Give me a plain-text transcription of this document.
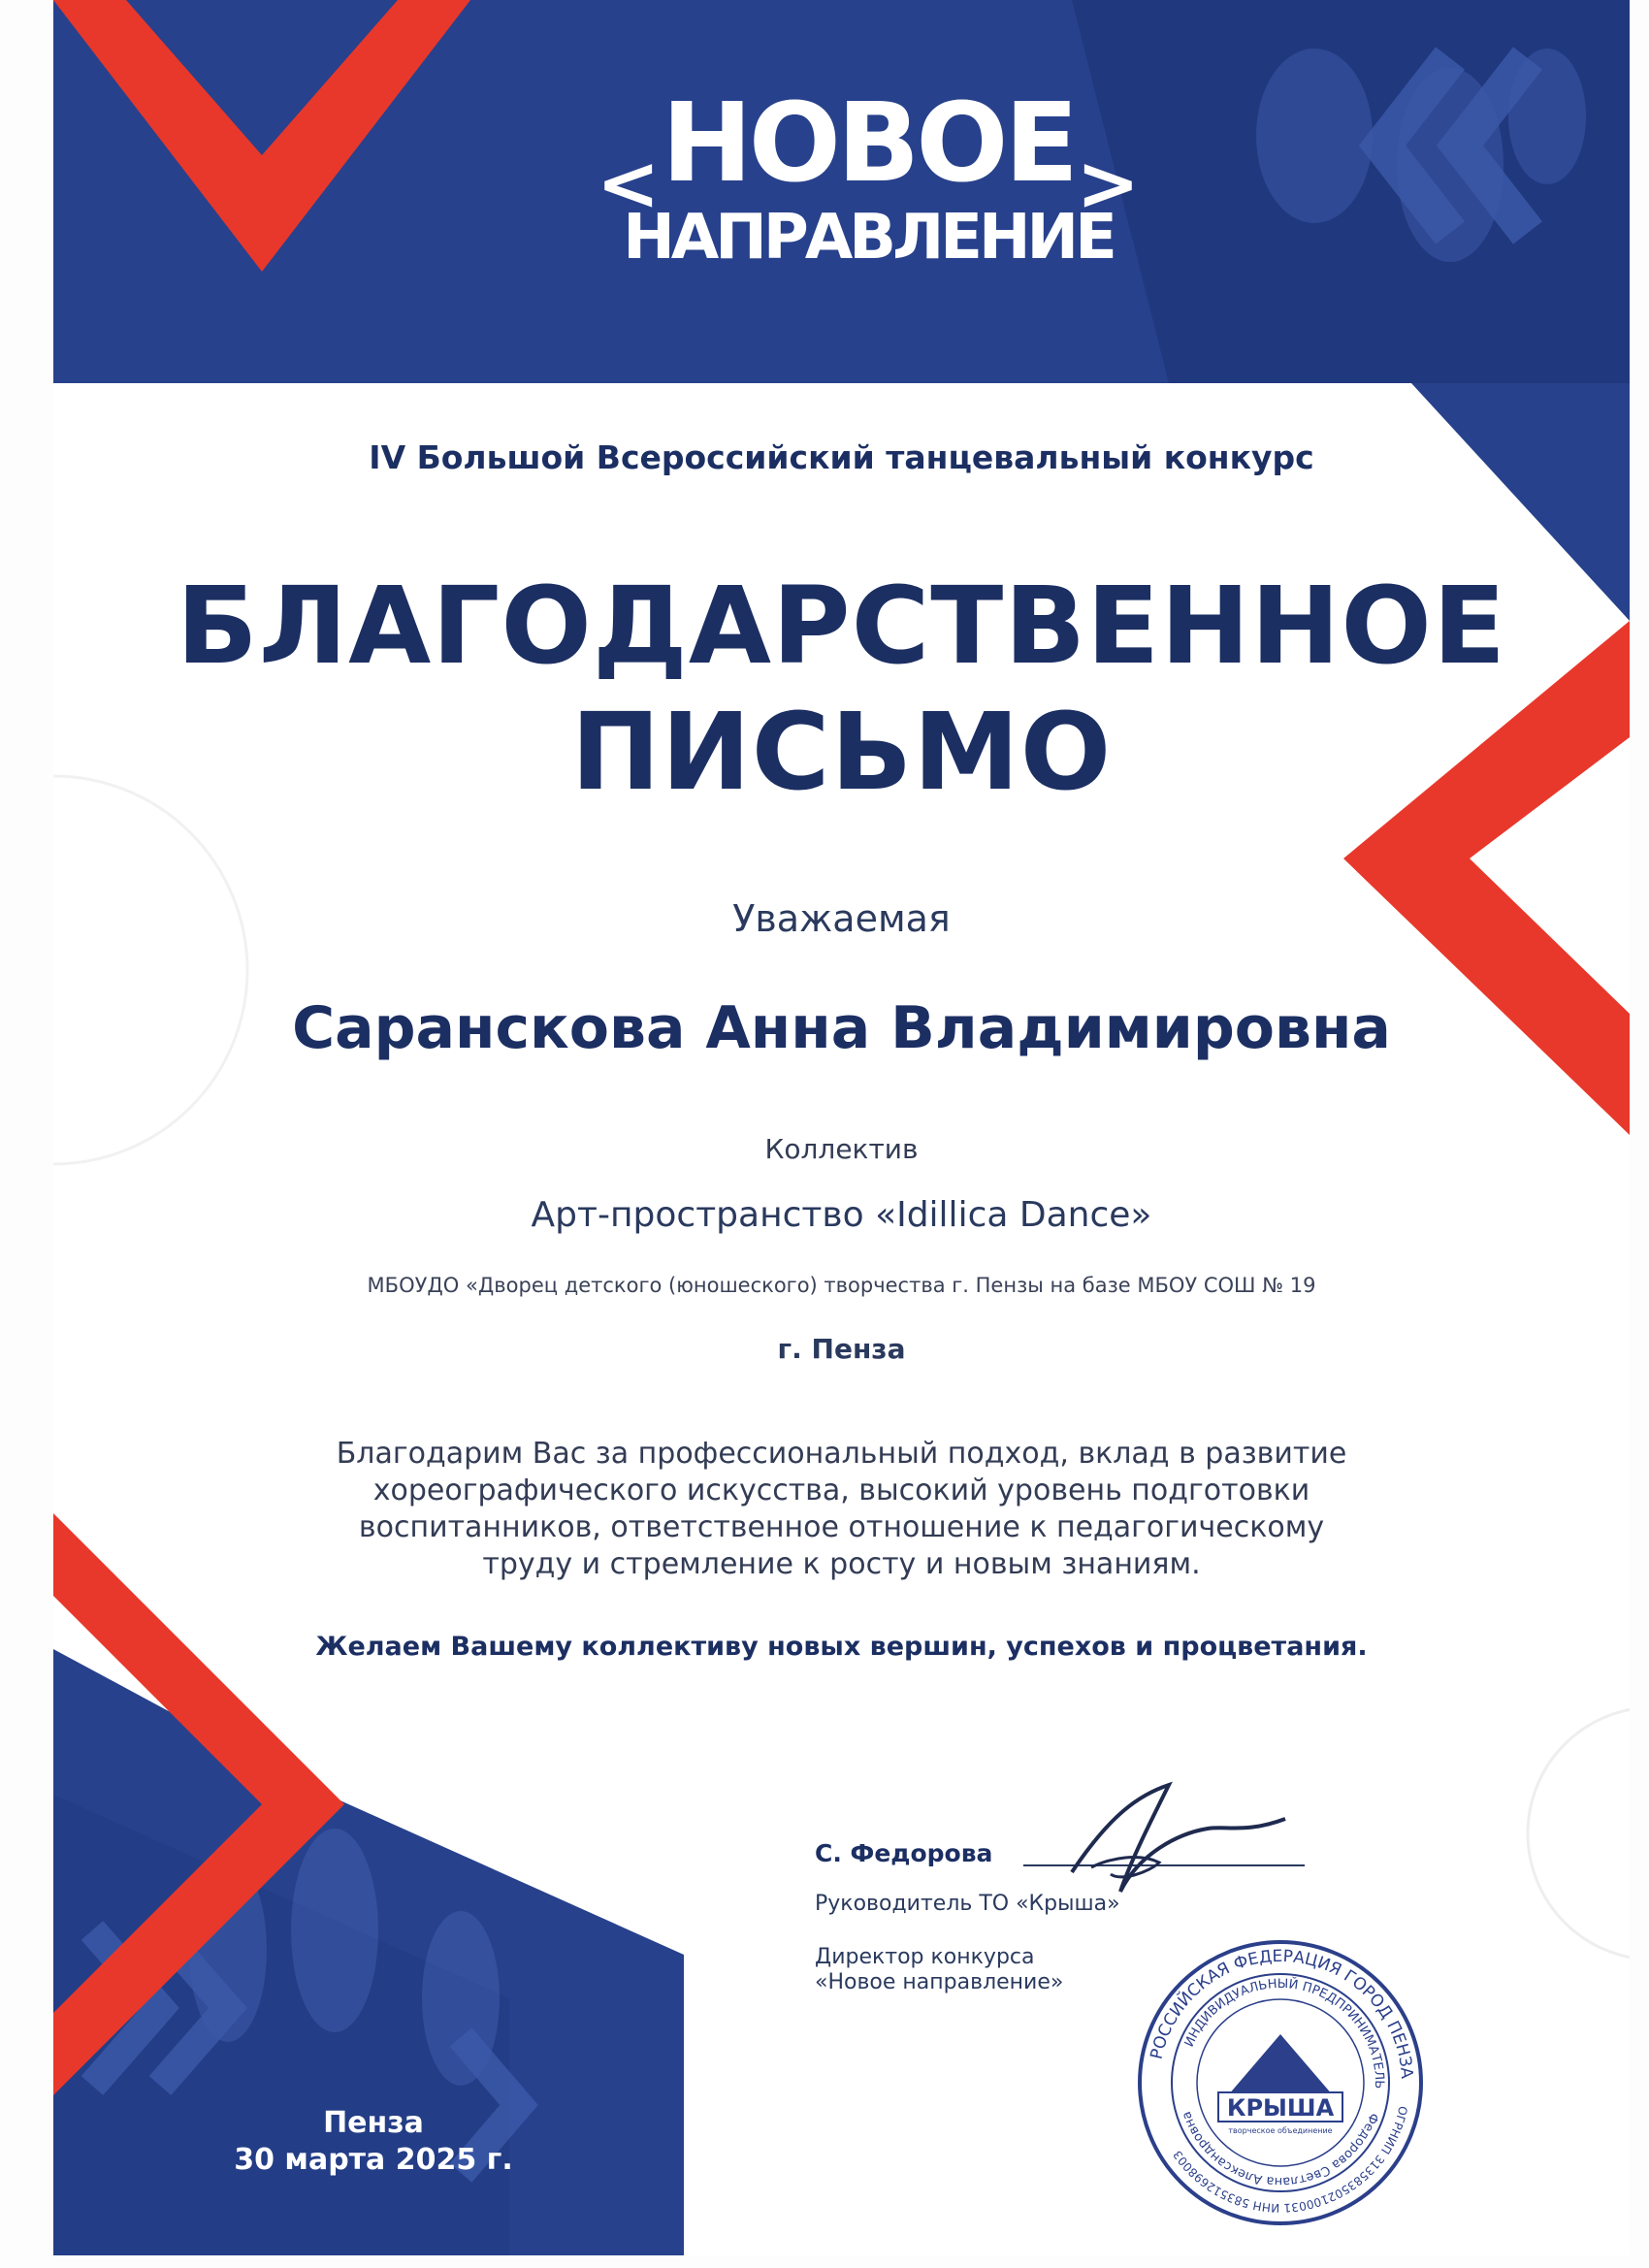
< НОВОЕ
НАПРАВЛЕНИЕ
>
IV Большой Всероссийский танцевальный конкурс
БЛАГОДАРСТВЕННОЕ
ПИСЬМО
Уважаемая
Саранскова Анна Владимировна
Коллектив
Арт-пространство «Idillica Dance»
МБОУДО «Дворец детского (юношеского) творчества г. Пензы на базе МБОУ СОШ № 19
г. Пенза
Благодарим Вас за профессиональный подход, вклад в развитие
хореографического искусства, высокий уровень подготовки
воспитанников, ответственное отношение к педагогическому
труду и стремление к росту и новым знаниям.
Желаем Вашему коллективу новых вершин, успехов и процветания.
С. Федорова
Руководитель ТО «Крыша»
Директор конкурса
«Новое направление»
Пенза
30 марта 2025 г.
РОССИЙСКАЯ ФЕДЕРАЦИЯ ГОРОД ПЕНЗА
ОГРНИП 313583502100031 ИНН 583512698003
ИНДИВИДУАЛЬНЫЙ ПРЕДПРИНИМАТЕЛЬ
Федорова Светлана Александровна	КРЫША
творческое объединение
